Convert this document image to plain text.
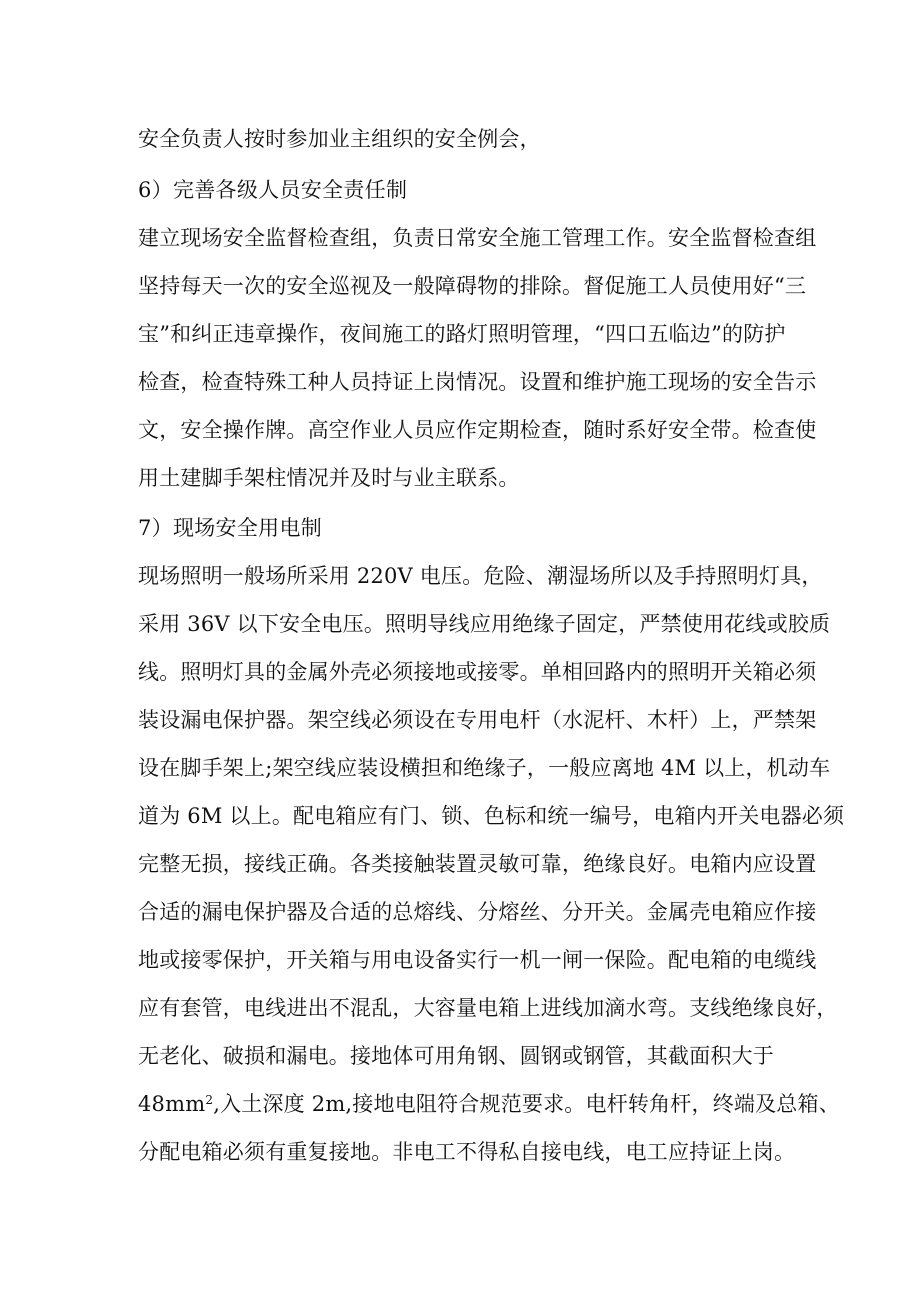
安全负责人按时参加业主组织的安全例会，
6）完善各级人员安全责任制
建立现场安全监督检查组，负责日常安全施工管理工作。安全监督检查组
坚持每天一次的安全巡视及一般障碍物的排除。督促施工人员使用好“三
宝”和纠正违章操作，夜间施工的路灯照明管理，“四口五临边”的防护
检查，检查特殊工种人员持证上岗情况。设置和维护施工现场的安全告示
文，安全操作牌。高空作业人员应作定期检查，随时系好安全带。检查使
用土建脚手架柱情况并及时与业主联系。
7）现场安全用电制
现场照明一般场所采用 220V 电压。危险、潮湿场所以及手持照明灯具，
采用 36V 以下安全电压。照明导线应用绝缘子固定，严禁使用花线或胶质
线。照明灯具的金属外壳必须接地或接零。单相回路内的照明开关箱必须
装设漏电保护器。架空线必须设在专用电杆（水泥杆、木杆）上，严禁架
设在脚手架上;架空线应装设横担和绝缘子，一般应离地 4M 以上，机动车
道为 6M 以上。配电箱应有门、锁、色标和统一编号，电箱内开关电器必须
完整无损，接线正确。各类接触装置灵敏可靠，绝缘良好。电箱内应设置
合适的漏电保护器及合适的总熔线、分熔丝、分开关。金属壳电箱应作接
地或接零保护，开关箱与用电设备实行一机一闸一保险。配电箱的电缆线
应有套管，电线进出不混乱，大容量电箱上进线加滴水弯。支线绝缘良好，
无老化、破损和漏电。接地体可用角钢、圆钢或钢管，其截面积大于
$48mm^2$,入土深度 2m,接地电阻符合规范要求。电杆转角杆，终端及总箱、
分配电箱必须有重复接地。非电工不得私自接电线，电工应持证上岗。
